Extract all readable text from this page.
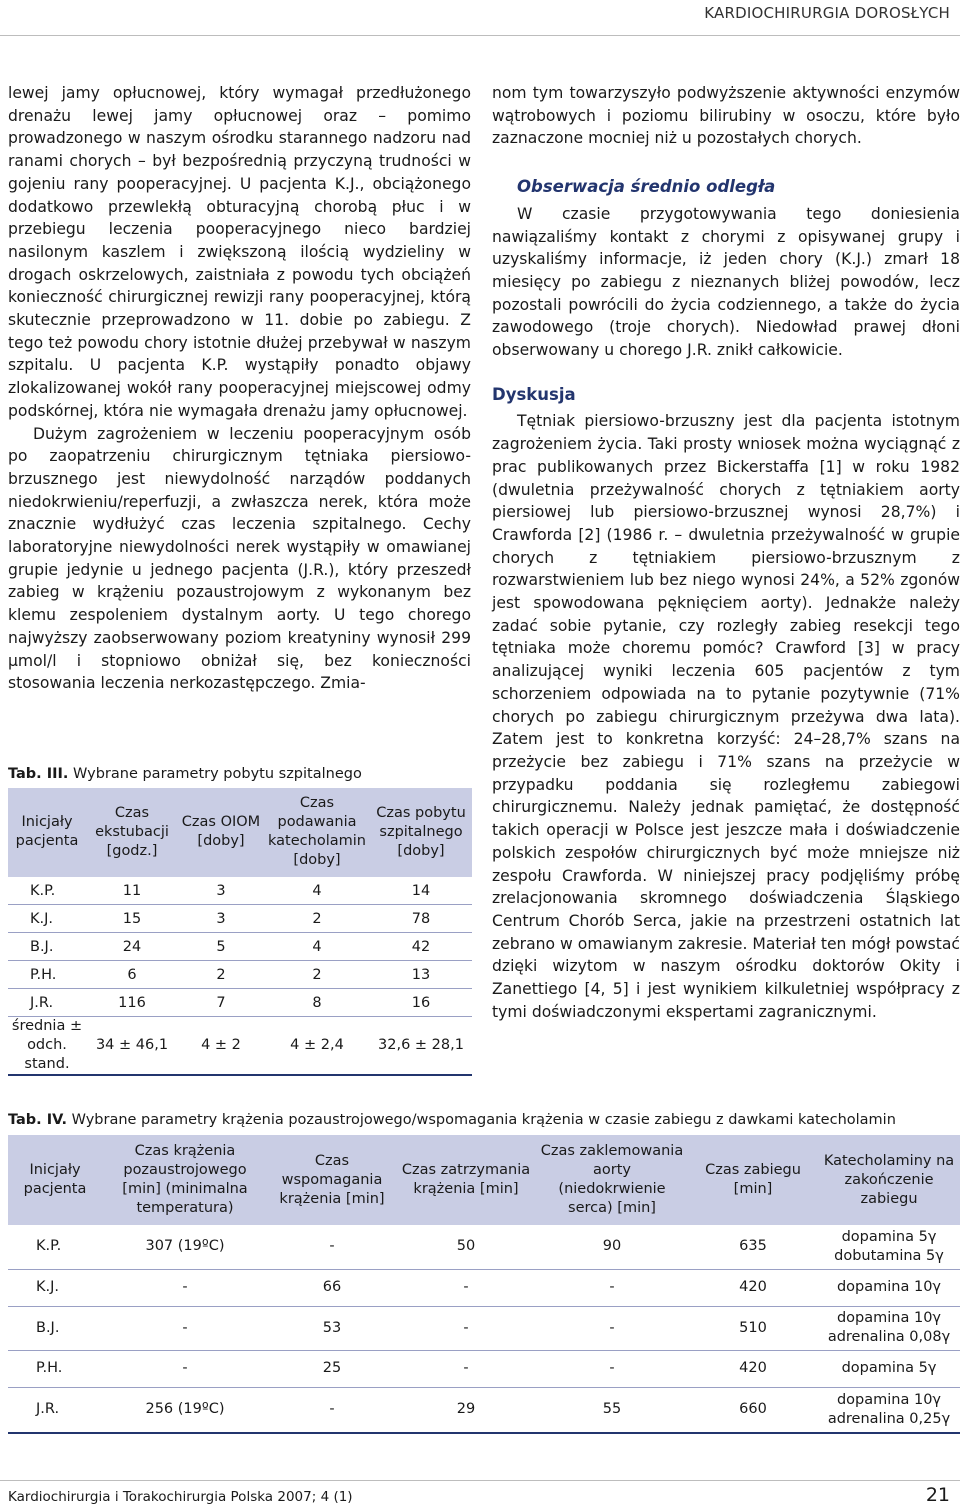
KARDIOCHIRURGIA DOROSŁYCH

lewej jamy opłucnowej, który wymagał przedłużonego drenażu lewej jamy opłucnowej oraz – pomimo prowadzonego w naszym ośrodku starannego nadzoru nad ranami chorych – był bezpośrednią przyczyną trudności w gojeniu rany pooperacyjnej. U pacjenta K.J., obciążonego dodatkowo przewlekłą obturacyjną chorobą płuc i w przebiegu leczenia pooperacyjnego nieco bardziej nasilonym kaszlem i zwiększoną ilością wydzieliny w drogach oskrzelowych, zaistniała z powodu tych obciążeń konieczność chirurgicznej rewizji rany pooperacyjnej, którą skutecznie przeprowadzono w 11. dobie po zabiegu. Z tego też powodu chory istotnie dłużej przebywał w naszym szpitalu. U pacjenta K.P. wystąpiły ponadto objawy zlokalizowanej wokół rany pooperacyjnej miejscowej odmy podskórnej, która nie wymagała drenażu jamy opłucnowej.

Dużym zagrożeniem w leczeniu pooperacyjnym osób po zaopatrzeniu chirurgicznym tętniaka piersiowo-brzusznego jest niewydolność narządów poddanych niedokrwieniu/reperfuzji, a zwłaszcza nerek, która może znacznie wydłużyć czas leczenia szpitalnego. Cechy laboratoryjne niewydolności nerek wystąpiły w omawianej grupie jedynie u jednego pacjenta (J.R.), który przeszedł zabieg w krążeniu pozaustrojowym z wykonanym bez klemu zespoleniem dystalnym aorty. U tego chorego najwyższy zaobserwowany poziom kreatyniny wynosił 299 µmol/l i stopniowo obniżał się, bez konieczności stosowania leczenia nerkozastępczego. Zmia-

nom tym towarzyszyło podwyższenie aktywności enzymów wątrobowych i poziomu bilirubiny w osoczu, które było zaznaczone mocniej niż u pozostałych chorych.

Obserwacja średnio odległa

W czasie przygotowywania tego doniesienia nawiązaliśmy kontakt z chorymi z opisywanej grupy i uzyskaliśmy informacje, iż jeden chory (K.J.) zmarł 18 miesięcy po zabiegu z nieznanych bliżej powodów, lecz pozostali powrócili do życia codziennego, a także do życia zawodowego (troje chorych). Niedowład prawej dłoni obserwowany u chorego J.R. znikł całkowicie.

Dyskusja

Tętniak piersiowo-brzuszny jest dla pacjenta istotnym zagrożeniem życia. Taki prosty wniosek można wyciągnąć z prac publikowanych przez Bickerstaffa [1] w roku 1982 (dwuletnia przeżywalność chorych z tętniakiem aorty piersiowej lub piersiowo-brzusznej wynosi 28,7%) i Crawforda [2] (1986 r. – dwuletnia przeżywalność w grupie chorych z tętniakiem piersiowo-brzusznym z rozwarstwieniem lub bez niego wynosi 24%, a 52% zgonów jest spowodowana pęknięciem aorty). Jednakże należy zadać sobie pytanie, czy rozległy zabieg resekcji tego tętniaka może choremu pomóc? Crawford [3] w pracy analizującej wyniki leczenia 605 pacjentów z tym schorzeniem odpowiada na to pytanie pozytywnie (71% chorych po zabiegu chirurgicznym przeżywa dwa lata). Zatem jest to konkretna korzyść: 24–28,7% szans na przeżycie bez zabiegu i 71% szans na przeżycie w przypadku poddania się rozległemu zabiegowi chirurgicznemu. Należy jednak pamiętać, że dostępność takich operacji w Polsce jest jeszcze mała i doświadczenie polskich zespołów chirurgicznych być może mniejsze niż zespołu Crawforda. W niniejszej pracy podjęliśmy próbę zrelacjonowania skromnego doświadczenia Śląskiego Centrum Chorób Serca, jakie na przestrzeni ostatnich lat zebrano w omawianym zakresie. Materiał ten mógł powstać dzięki wizytom w naszym ośrodku doktorów Okity i Zanettiego [4, 5] i jest wynikiem kilkuletniej współpracy z tymi doświadczonymi ekspertami zagranicznymi.

Tab. III. Wybrane parametry pobytu szpitalnego
Inicjały pacjenta	Czas ekstubacji [godz.]	Czas OIOM [doby]	Czas podawania katecholamin [doby]	Czas pobytu szpitalnego [doby]
K.P.	11	3	4	14
K.J.	15	3	2	78
B.J.	24	5	4	42
P.H.	6	2	2	13
J.R.	116	7	8	16
średnia ± odch. stand.	34 ± 46,1	4 ± 2	4 ± 2,4	32,6 ± 28,1
Tab. IV. Wybrane parametry krążenia pozaustrojowego/wspomagania krążenia w czasie zabiegu z dawkami katecholamin
Inicjały pacjenta	Czas krążenia pozaustrojowego [min] (minimalna temperatura)	Czas wspomagania krążenia [min]	Czas zatrzymania krążenia [min]	Czas zaklemowania aorty (niedokrwienie serca) [min]	Czas zabiegu [min]	Katecholaminy na zakończenie zabiegu
K.P.	307 (19ºC)	-	50	90	635	dopamina 5γ
dobutamina 5γ

K.J.	-	66	-	-	420	dopamina 10γ

B.J.	-	53	-	-	510	dopamina 10γ
adrenalina 0,08γ

P.H.	-	25	-	-	420	dopamina 5γ

J.R.	256 (19ºC)	-	29	55	660	dopamina 10γ
adrenalina 0,25γ
Kardiochirurgia i Torakochirurgia Polska 2007; 4 (1)	21
